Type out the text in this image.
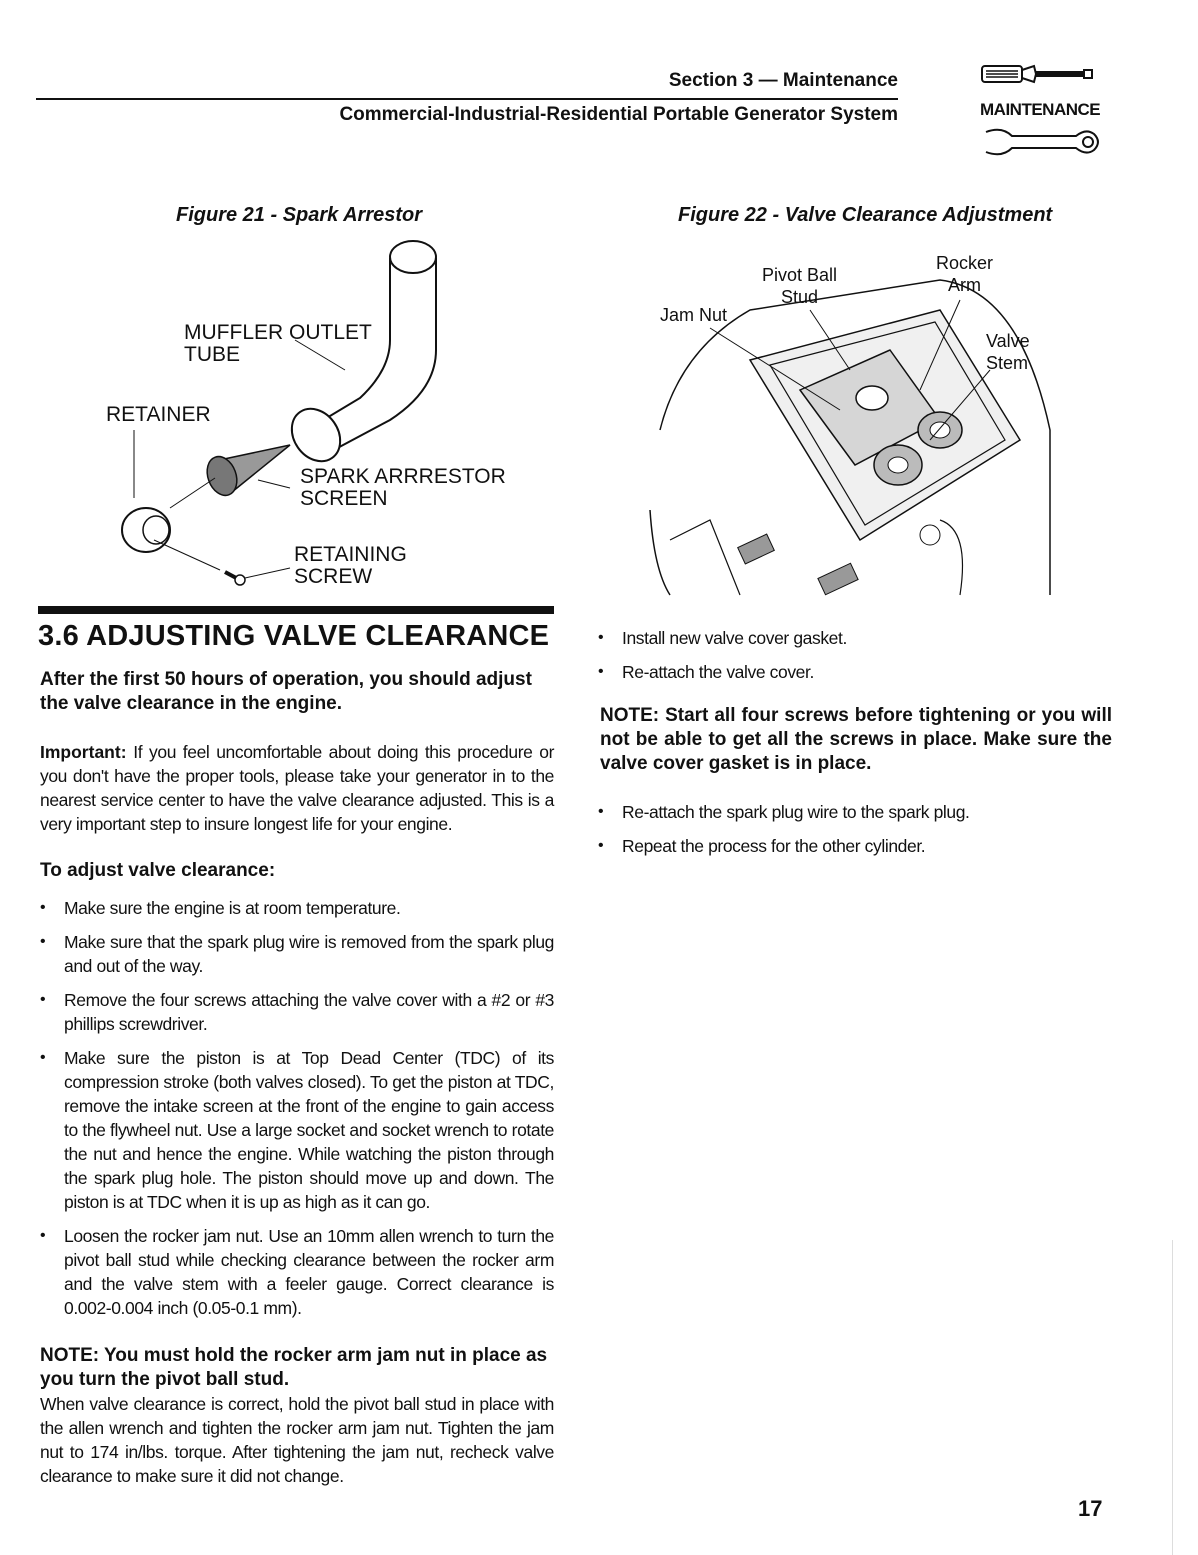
Section 3 — Maintenance
Commercial-Industrial-Residential Portable Generator System	MAINTENANCE
Figure 21 - Spark Arrestor
MUFFLER OUTLET
TUBE
RETAINER
SPARK ARRRESTOR
SCREEN
RETAINING
SCREW
Figure 22 - Valve Clearance Adjustment
Pivot Ball
Stud
Rocker
Arm
Jam Nut
Valve
Stem
3.6 ADJUSTING VALVE CLEARANCE
After the first 50 hours of operation, you should adjust the valve clearance in the engine.
Important: If you feel uncomfortable about doing this procedure or you don't have the proper tools, please take your generator in to the nearest service center to have the valve clearance adjusted. This is a very important step to insure longest life for your engine.
To adjust valve clearance:
• Make sure the engine is at room temperature.
• Make sure that the spark plug wire is removed from the spark plug and out of the way.
• Remove the four screws attaching the valve cover with a #2 or #3 phillips screwdriver.
• Make sure the piston is at Top Dead Center (TDC) of its compression stroke (both valves closed). To get the piston at TDC, remove the intake screen at the front of the engine to gain access to the flywheel nut. Use a large socket and socket wrench to rotate the nut and hence the engine. While watching the piston through the spark plug hole. The piston should move up and down. The piston is at TDC when it is up as high as it can go.
• Loosen the rocker jam nut. Use an 10mm allen wrench to turn the pivot ball stud while checking clearance between the rocker arm and the valve stem with a feeler gauge. Correct clearance is 0.002-0.004 inch (0.05-0.1 mm).
NOTE: You must hold the rocker arm jam nut in place as you turn the pivot ball stud.
When valve clearance is correct, hold the pivot ball stud in place with the allen wrench and tighten the rocker arm jam nut. Tighten the jam nut to 174 in/lbs. torque. After tightening the jam nut, recheck valve clearance to make sure it did not change.
• Install new valve cover gasket.
• Re-attach the valve cover.
NOTE: Start all four screws before tightening or you will not be able to get all the screws in place. Make sure the valve cover gasket is in place.
• Re-attach the spark plug wire to the spark plug.
• Repeat the process for the other cylinder.
17
